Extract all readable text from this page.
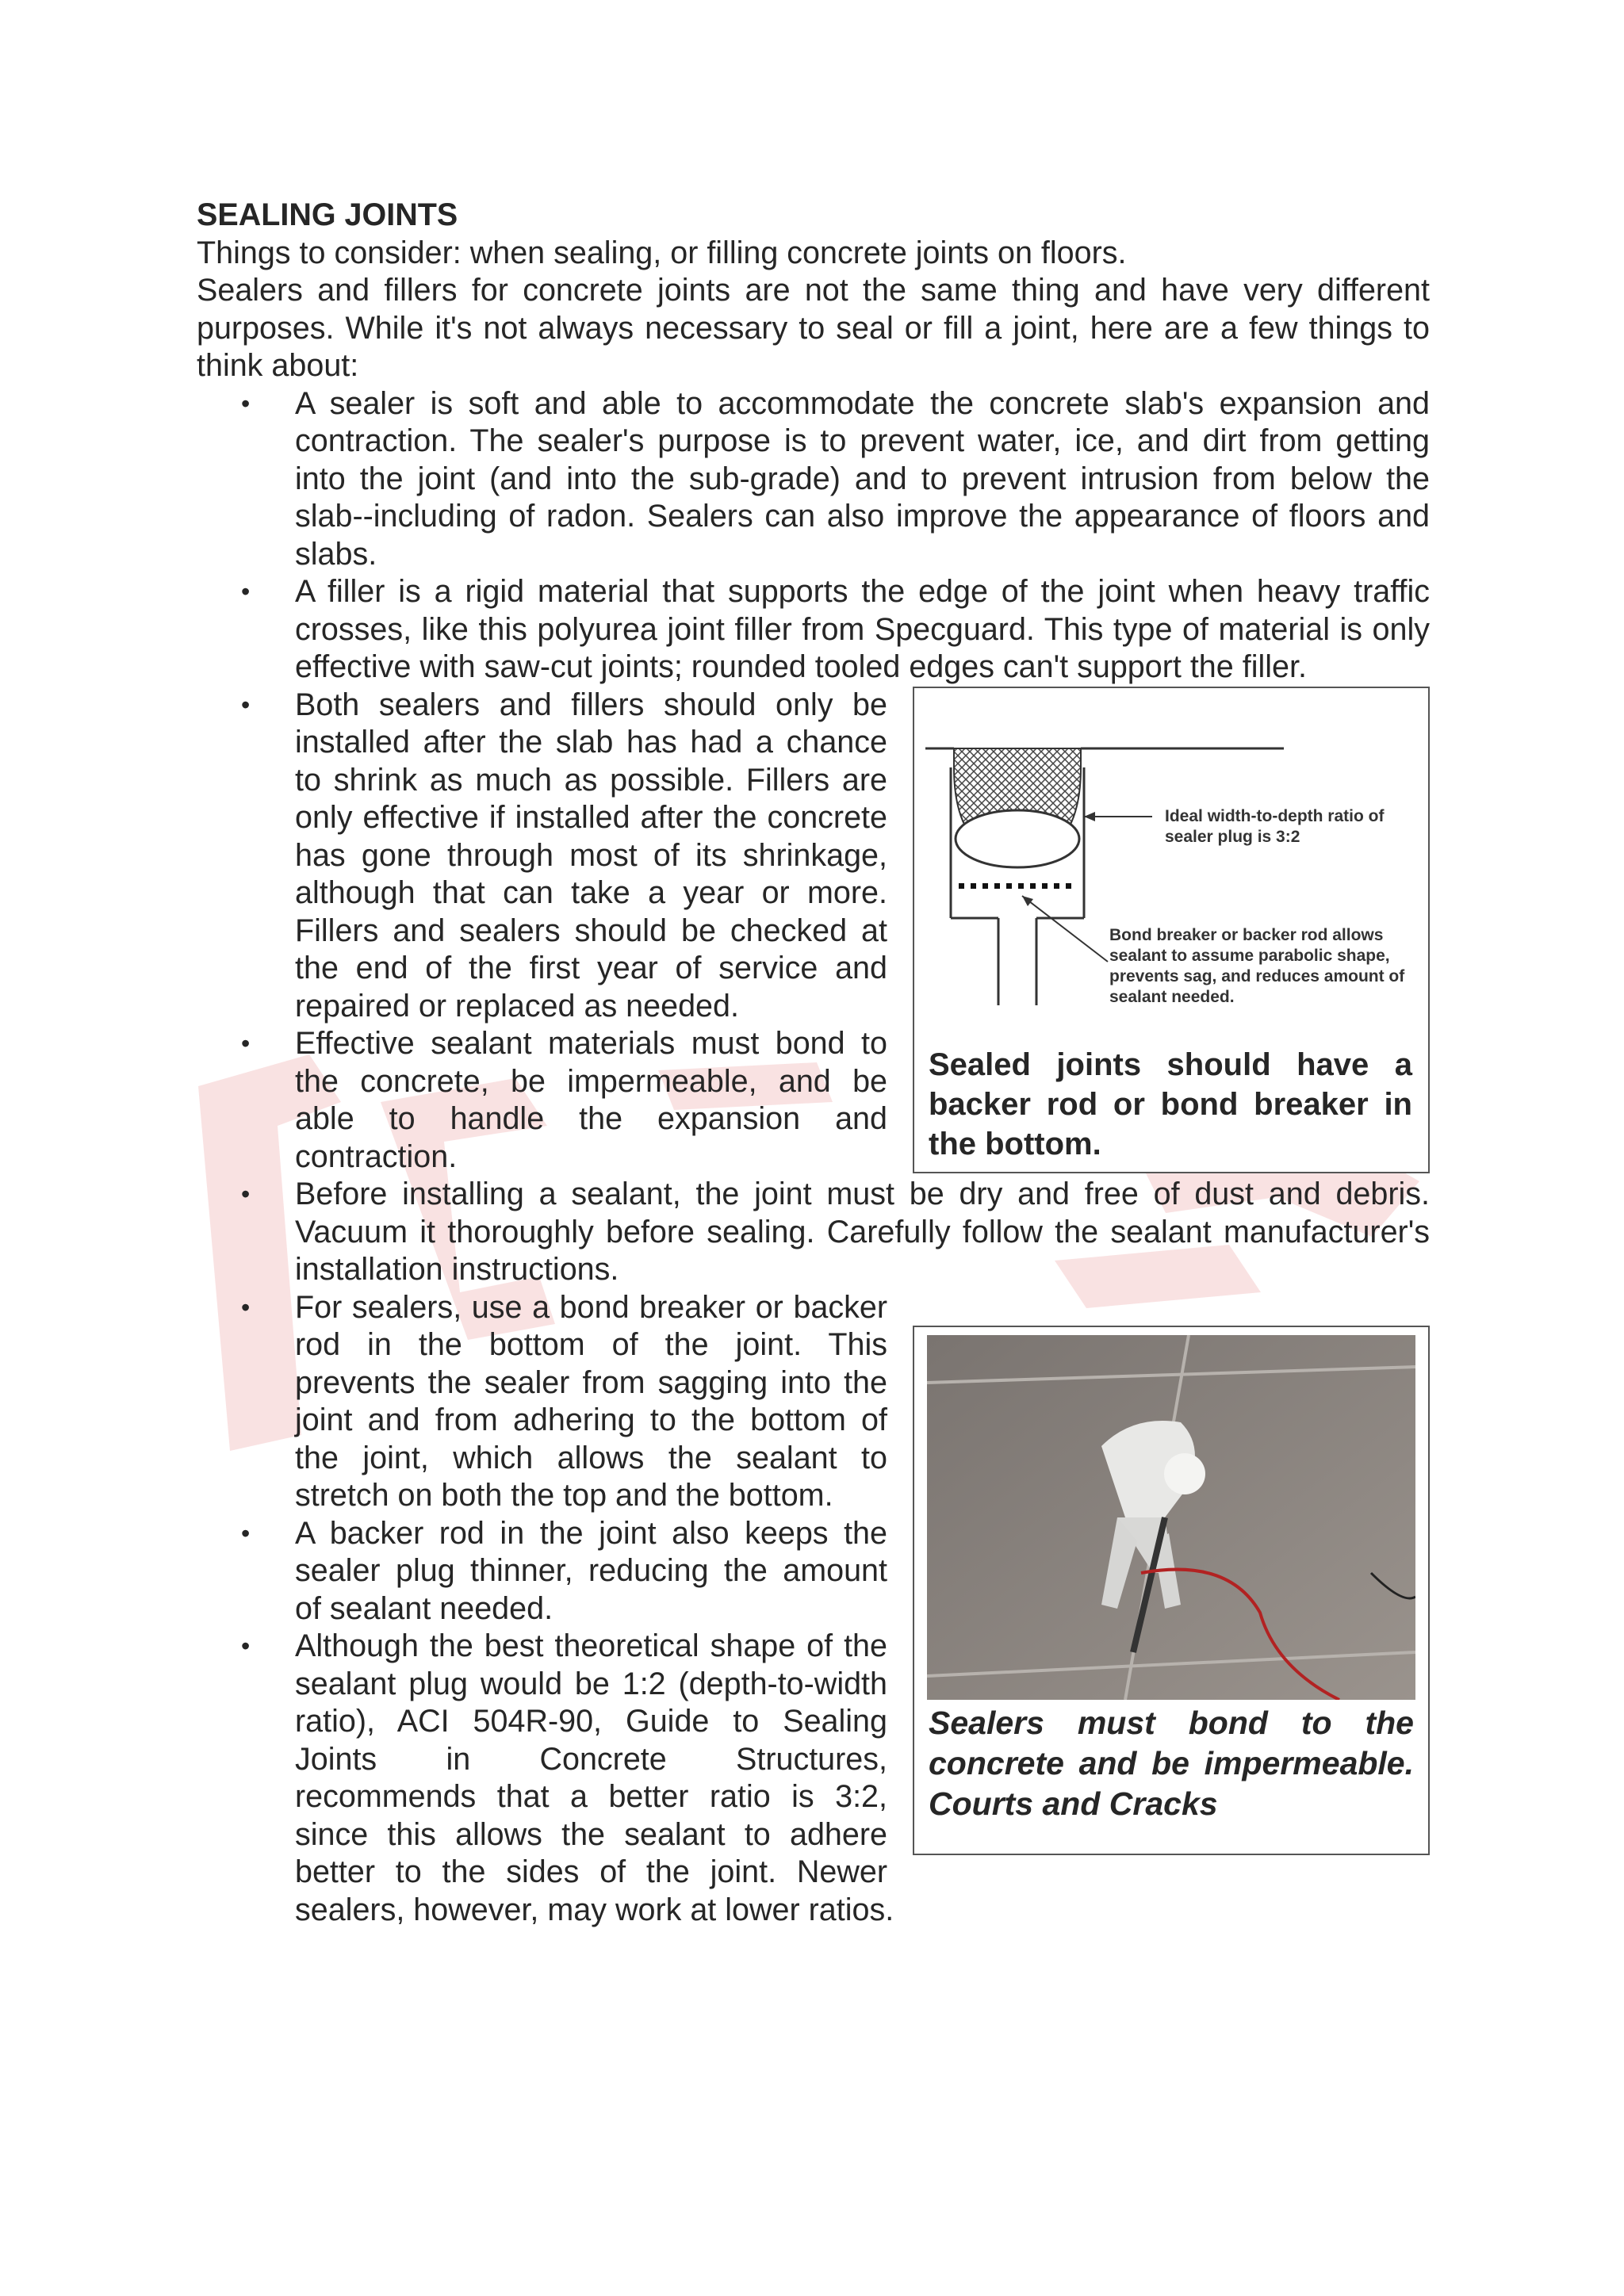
SEALING JOINTS

Things to consider: when sealing, or filling concrete joints on floors.

Sealers and fillers for concrete joints are not the same thing and have very different purposes. While it's not always necessary to seal or fill a joint, here are a few things to think about:

• A sealer is soft and able to accommodate the concrete slab's expansion and contraction. The sealer's purpose is to prevent water, ice, and dirt from getting into the joint (and into the sub-grade) and to prevent intrusion from below the slab--including of radon. Sealers can also improve the appearance of floors and slabs.
• A filler is a rigid material that supports the edge of the joint when heavy traffic crosses, like this polyurea joint filler from Specguard. This type of material is only effective with saw-cut joints; rounded tooled edges can't support the filler.
• Ideal width-to-depth ratio of
sealer plug is 3:2
Bond breaker or backer rod allows
sealant to assume parabolic shape,
prevents sag, and reduces amount of
sealant needed.
Sealed joints should have a backer rod or bond breaker in the bottom.
Both sealers and fillers should only be installed after the slab has had a chance to shrink as much as possible. Fillers are only effective if installed after the concrete has gone through most of its shrinkage, although that can take a year or more. Fillers and sealers should be checked at the end of the first year of service and repaired or replaced as needed.
• Effective sealant materials must bond to the concrete, be impermeable, and be able to handle the expansion and contraction.
• Before installing a sealant, the joint must be dry and free of dust and debris. Vacuum it thoroughly before sealing. Carefully follow the sealant manufacturer's installation instructions.
• Sealers must bond to the concrete and be impermeable. Courts and Cracks
For sealers, use a bond breaker or backer rod in the bottom of the joint. This prevents the sealer from sagging into the joint and from adhering to the bottom of the joint, which allows the sealant to stretch on both the top and the bottom.
• A backer rod in the joint also keeps the sealer plug thinner, reducing the amount of sealant needed.
• Although the best theoretical shape of the sealant plug would be 1:2 (depth-to-width ratio), ACI 504R-90, Guide to Sealing Joints in Concrete Structures, recommends that a better ratio is 3:2, since this allows the sealant to adhere better to the sides of the joint. Newer sealers, however, may work at lower ratios.
